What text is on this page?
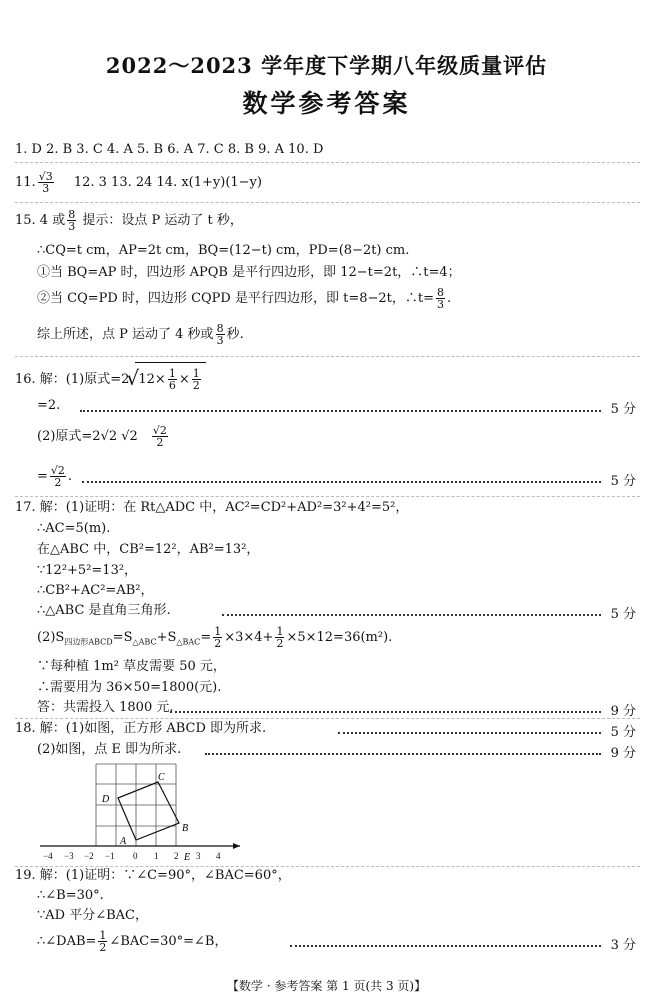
2022～2023 学年度下学期八年级质量评估
数学参考答案
1. D 2. B 3. C 4. A 5. B 6. A 7. C 8. B 9. A 10. D
11. $\frac{√3}{3} 12$. 3 13. 24 14. x(1+y)(1−y)
15. 4 或 $\frac{8}{3}$ 提示：设点 P 运动了 t 秒，
∴CQ=t cm，AP=2t cm，BQ=(12−t) cm，PD=(8−2t) cm.
①当 BQ=AP 时，四边形 APQB 是平行四边形，即 12−t=2t，∴t=4；
②当 CQ=PD 时，四边形 CQPD 是平行四边形，即 t=8−2t，∴t= $\frac{8}{3}$ .
综上所述，点 P 运动了 4 秒或 $\frac{8}{3}$ 秒.
16. 解：(1)原式=2
√ $12\times \frac{1}{6} \times \frac{1}{2}$
=2.	5 分
(2)原式=2√2 $√2 \frac{√2}{2}$
= $\frac{√2}{2}$ .	5 分
17. 解：(1)证明：在 Rt△ADC 中，AC²=CD²+AD²=3²+4²=5²，
∴AC=5(m).
在△ABC 中，CB²=12²，AB²=13²，
∵12²+5²=13²，
∴CB²+AC²=AB²，
∴△ABC 是直角三角形.	5 分
$(2)S_{四边形ABCD}=S_{\triangle ABC}+S_{\triangle BAC}= \frac{1}{2} \times 3\times 4+ \frac{1}{2} \times 5\times 12=36(m^2)$.
∵每种植 1m² 草皮需要 50 元，
∴需要用为 36×50=1800(元).
答：共需投入 1800 元.	9 分
18. 解：(1)如图，正方形 ABCD 即为所求.	5 分
(2)如图，点 E 即为所求.	9 分
C
D
B
A
E
−4 −3 −2 −1 0 1 2 3 4
19. 解：(1)证明：∵∠C=90°，∠BAC=60°，
∴∠B=30°.
∵AD 平分∠BAC，
∴∠DAB= $\frac{1}{2}$ ∠BAC=30°=∠B，	3 分
【数学 · 参考答案 第 1 页(共 3 页)】
